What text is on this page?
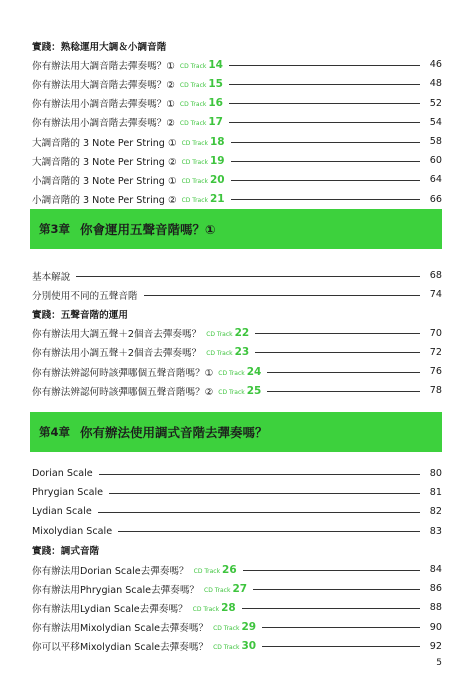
實踐：熟稔運用大調＆小調音階
你有辦法用大調音階去彈奏嗎？① CD Track 14	46
你有辦法用大調音階去彈奏嗎？② CD Track 15	48
你有辦法用小調音階去彈奏嗎？① CD Track 16	52
你有辦法用小調音階去彈奏嗎？② CD Track 17	54
大調音階的 3 Note Per String ① CD Track 18	58
大調音階的 3 Note Per String ② CD Track 19	60
小調音階的 3 Note Per String ① CD Track 20	64
小調音階的 3 Note Per String ② CD Track 21	66
第3章 你會運用五聲音階嗎？①
基本解說	68
分別使用不同的五聲音階	74
實踐：五聲音階的運用
你有辦法用大調五聲＋2個音去彈奏嗎？ CD Track 22	70
你有辦法用小調五聲＋2個音去彈奏嗎？ CD Track 23	72
你有辦法辨認何時該彈哪個五聲音階嗎？① CD Track 24	76
你有辦法辨認何時該彈哪個五聲音階嗎？② CD Track 25	78
第4章 你有辦法使用調式音階去彈奏嗎？
Dorian Scale	80
Phrygian Scale	81
Lydian Scale	82
Mixolydian Scale	83
實踐：調式音階
你有辦法用Dorian Scale去彈奏嗎？ CD Track 26	84
你有辦法用Phrygian Scale去彈奏嗎？ CD Track 27	86
你有辦法用Lydian Scale去彈奏嗎？ CD Track 28	88
你有辦法用Mixolydian Scale去彈奏嗎？ CD Track 29	90
你可以平移Mixolydian Scale去彈奏嗎？ CD Track 30	92
5
